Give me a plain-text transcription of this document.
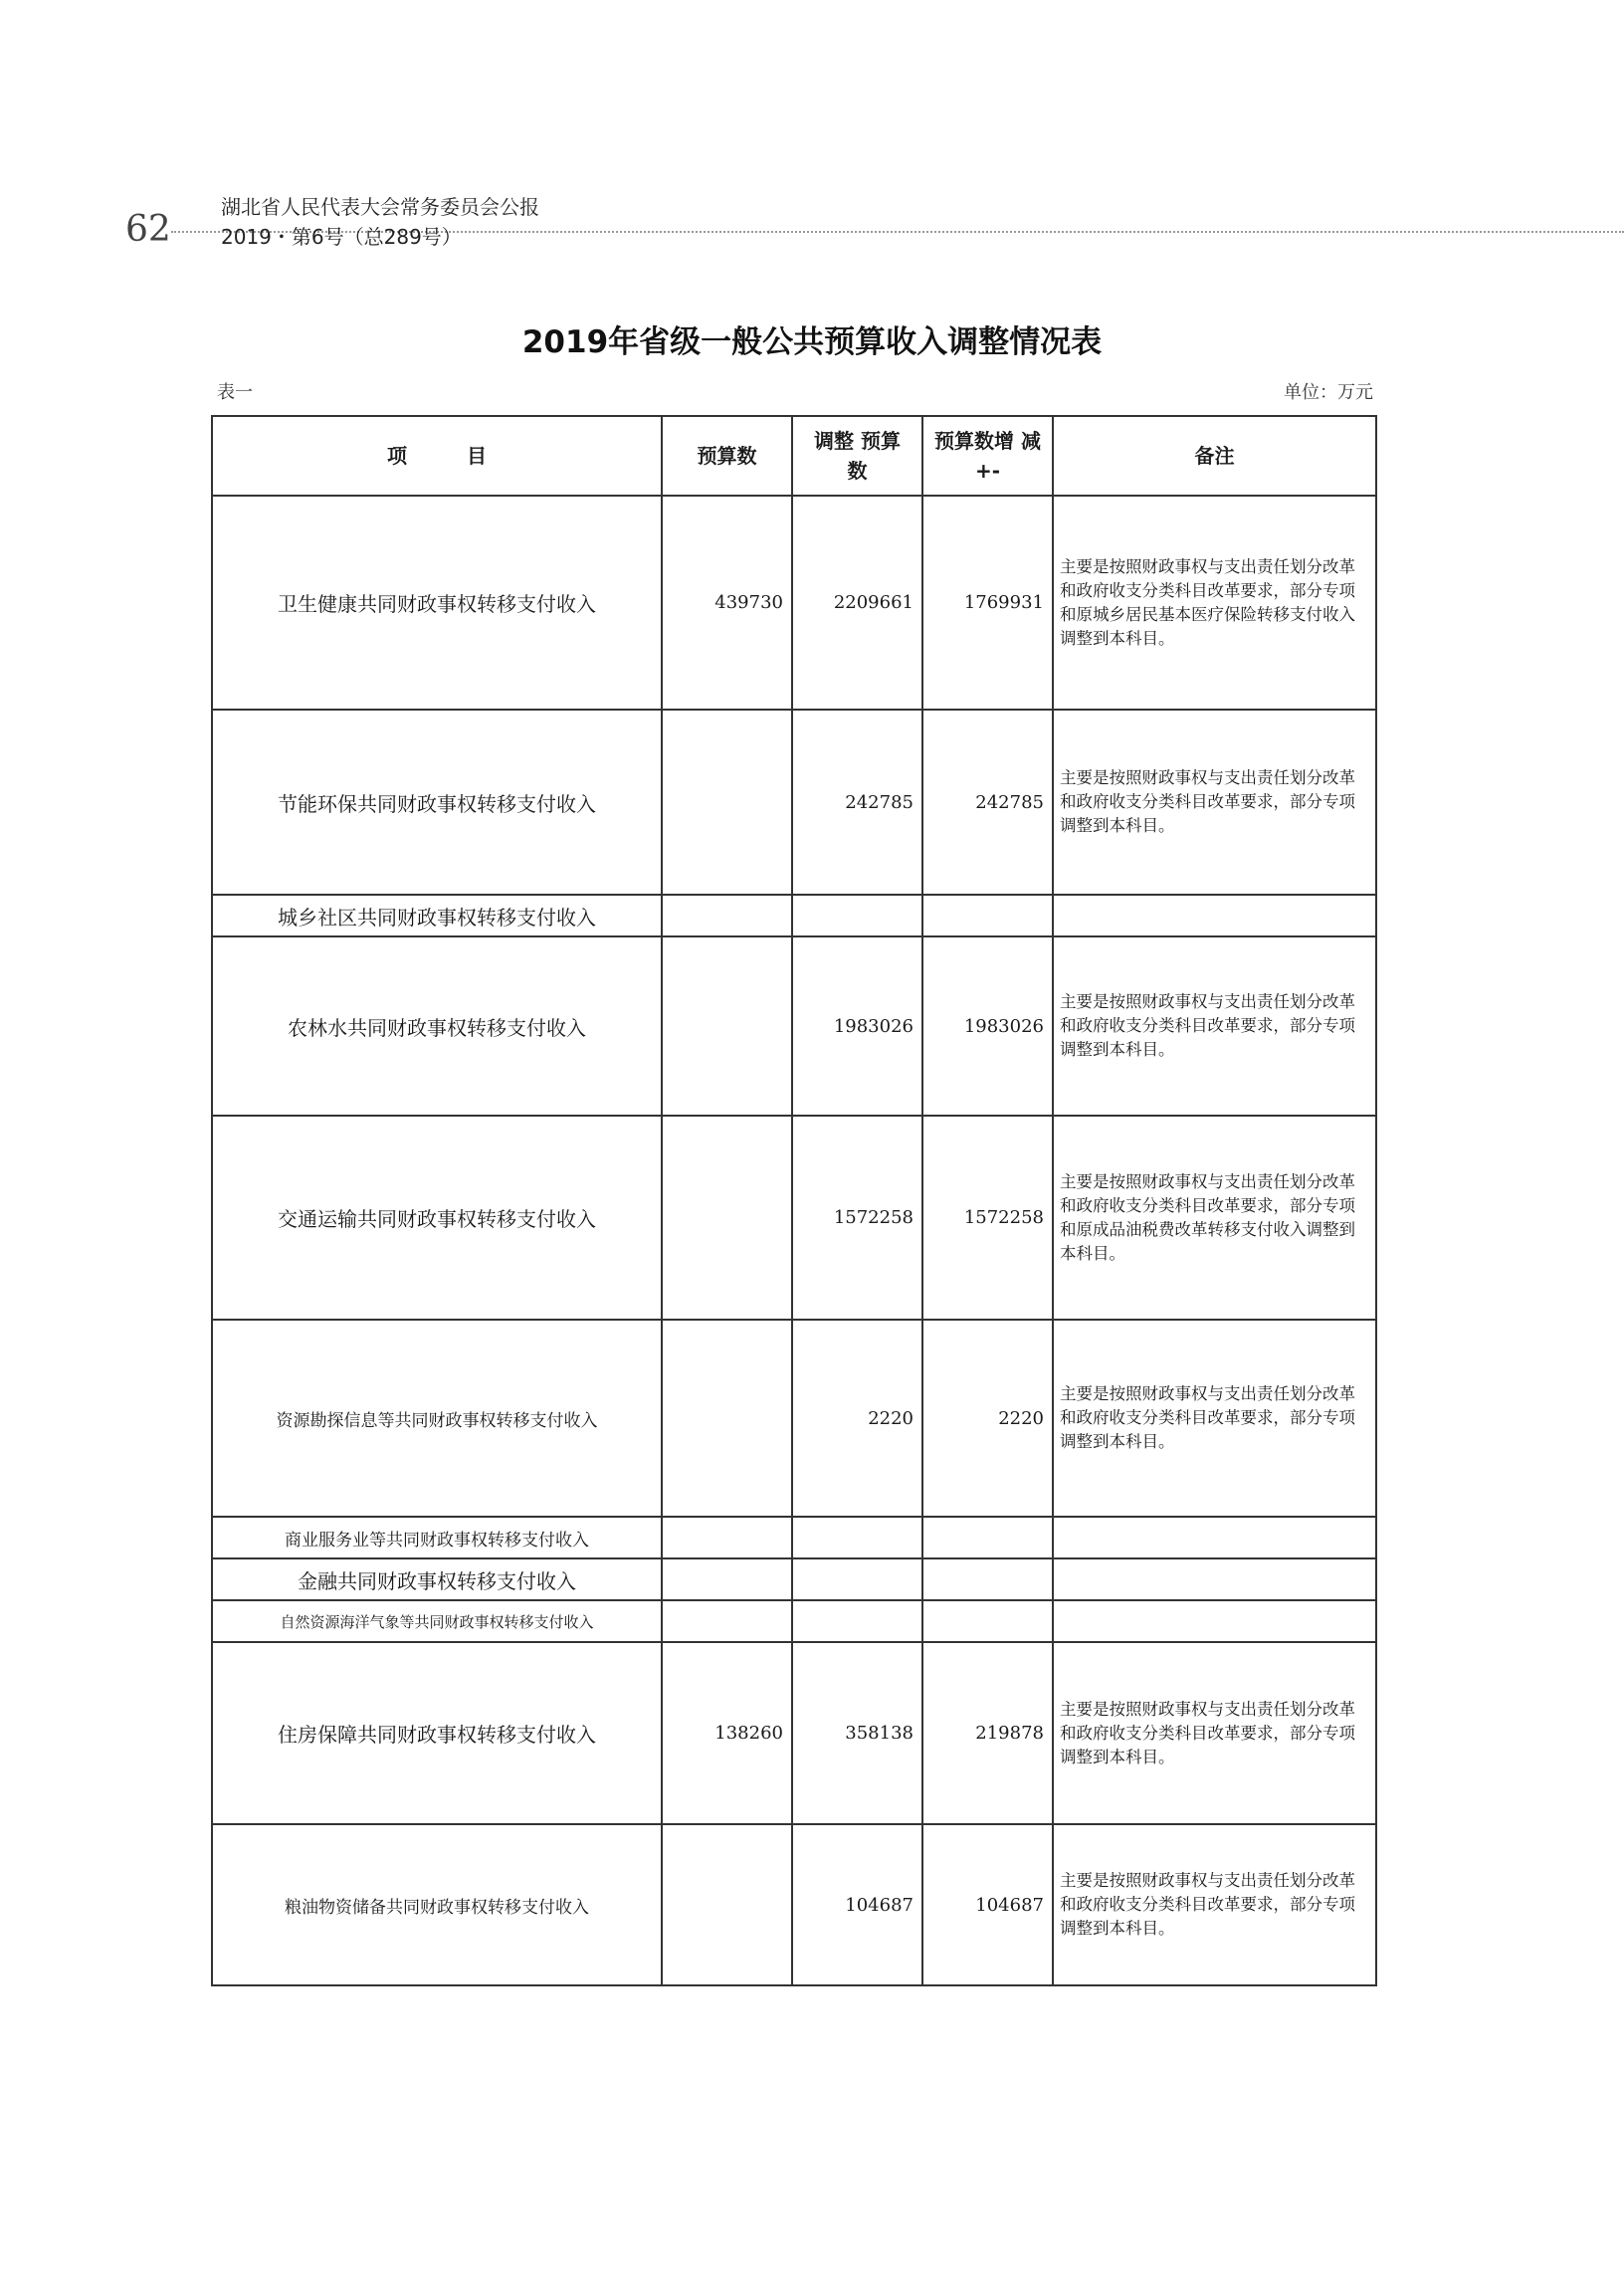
62
湖北省人民代表大会常务委员会公报
2019・第6号（总289号）
2019年省级一般公共预算收入调整情况表
表一	单位：万元
项　　　目	预算数	调整 预算数	预算数增 减+-	备注
卫生健康共同财政事权转移支付收入	439730	2209661	1769931	主要是按照财政事权与支出责任划分改革和政府收支分类科目改革要求，部分专项和原城乡居民基本医疗保险转移支付收入调整到本科目。
节能环保共同财政事权转移支付收入		242785	242785	主要是按照财政事权与支出责任划分改革和政府收支分类科目改革要求，部分专项调整到本科目。
城乡社区共同财政事权转移支付收入				
农林水共同财政事权转移支付收入		1983026	1983026	主要是按照财政事权与支出责任划分改革和政府收支分类科目改革要求，部分专项调整到本科目。
交通运输共同财政事权转移支付收入		1572258	1572258	主要是按照财政事权与支出责任划分改革和政府收支分类科目改革要求，部分专项和原成品油税费改革转移支付收入调整到本科目。
资源勘探信息等共同财政事权转移支付收入		2220	2220	主要是按照财政事权与支出责任划分改革和政府收支分类科目改革要求，部分专项调整到本科目。
商业服务业等共同财政事权转移支付收入				
金融共同财政事权转移支付收入				
自然资源海洋气象等共同财政事权转移支付收入				
住房保障共同财政事权转移支付收入	138260	358138	219878	主要是按照财政事权与支出责任划分改革和政府收支分类科目改革要求，部分专项调整到本科目。
粮油物资储备共同财政事权转移支付收入		104687	104687	主要是按照财政事权与支出责任划分改革和政府收支分类科目改革要求，部分专项调整到本科目。
